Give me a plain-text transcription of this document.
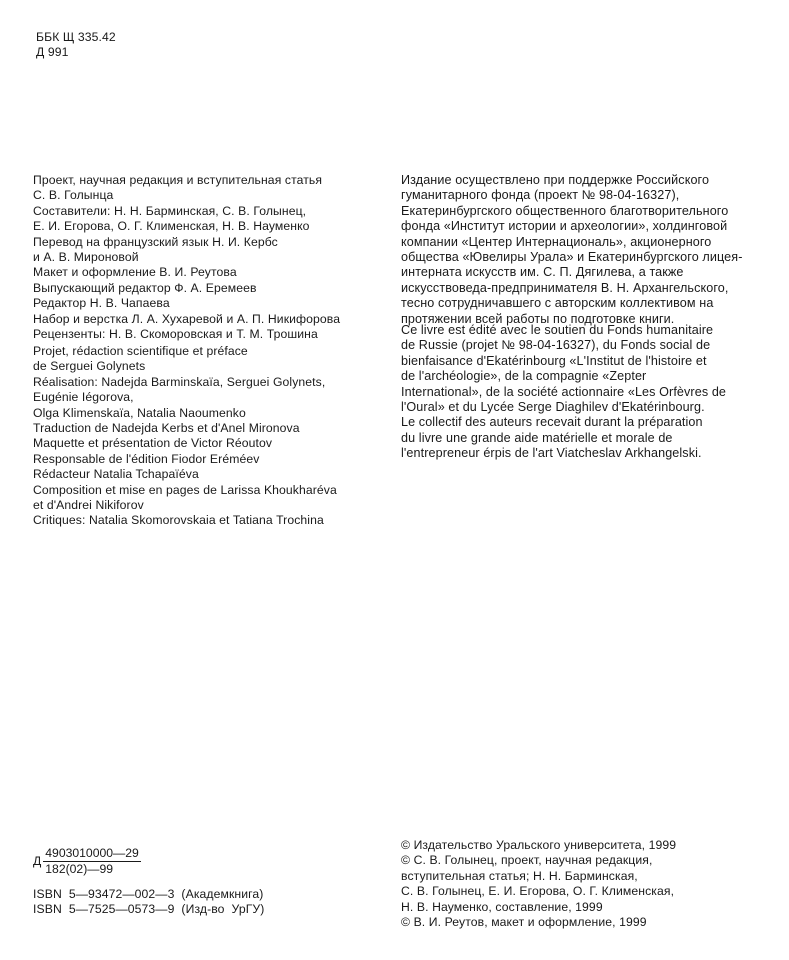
ББК Щ 335.42
Д 991
Проект, научная редакция и вступительная статья
С. В. Голынца
Составители: Н. Н. Барминская, С. В. Голынец,
Е. И. Егорова, О. Г. Клименская, Н. В. Науменко
Перевод на французский язык Н. И. Кербс
и А. В. Мироновой
Макет и оформление В. И. Реутова
Выпускающий редактор Ф. А. Еремеев
Редактор Н. В. Чапаева
Набор и верстка Л. А. Хухаревой и А. П. Никифорова
Рецензенты: Н. В. Скоморовская и Т. М. Трошина
Projet, rédaction scientifique et préface
de Serguei Golynets
Réalisation: Nadejda Barminskaïa, Serguei Golynets,
Eugénie Iégorova,
Olga Klimenskaïa, Natalia Naoumenko
Traduction de Nadejda Kerbs et d'Anel Mironova
Maquette et présentation de Victor Réoutov
Responsable de l'édition Fiodor Eréméev
Rédacteur Natalia Tchapaïéva
Composition et mise en pages de Larissa Khoukharéva
et d'Andrei Nikiforov
Critiques: Natalia Skomorovskaia et Tatiana Trochina
Издание осуществлено при поддержке Российского
гуманитарного фонда (проект № 98-04-16327),
Екатеринбургского общественного благотворительного
фонда «Институт истории и археологии», холдинговой
компании «Центер Интернациональ», акционерного
общества «Ювелиры Урала» и Екатеринбургского лицея-
интерната искусств им. С. П. Дягилева, а также
искусствоведа-предпринимателя В. Н. Архангельского,
тесно сотрудничавшего с авторским коллективом на
протяжении всей работы по подготовке книги.
Ce livre est édité avec le soutien du Fonds humanitaire
de Russie (projet № 98-04-16327), du Fonds social de
bienfaisance d'Ekatérinbourg «L'Institut de l'histoire et
de l'archéologie», de la compagnie «Zepter
International», de la société actionnaire «Les Orfèvres de
l'Oural» et du Lycée Serge Diaghilev d'Ekatérinbourg.
Le collectif des auteurs recevait durant la préparation
du livre une grande aide matérielle et morale de
l'entrepreneur érpis de l'art Viatcheslav Arkhangelski.
Д $\frac{4903010000—29}{182(02)—99}$
ISBN  5—93472—002—3  (Академкнига)
ISBN  5—7525—0573—9  (Изд-во  УрГУ)
© Издательство Уральского университета, 1999
© С. В. Голынец, проект, научная редакция,
вступительная статья; Н. Н. Барминская,
С. В. Голынец, Е. И. Егорова, О. Г. Клименская,
Н. В. Науменко, составление, 1999
© В. И. Реутов, макет и оформление, 1999
